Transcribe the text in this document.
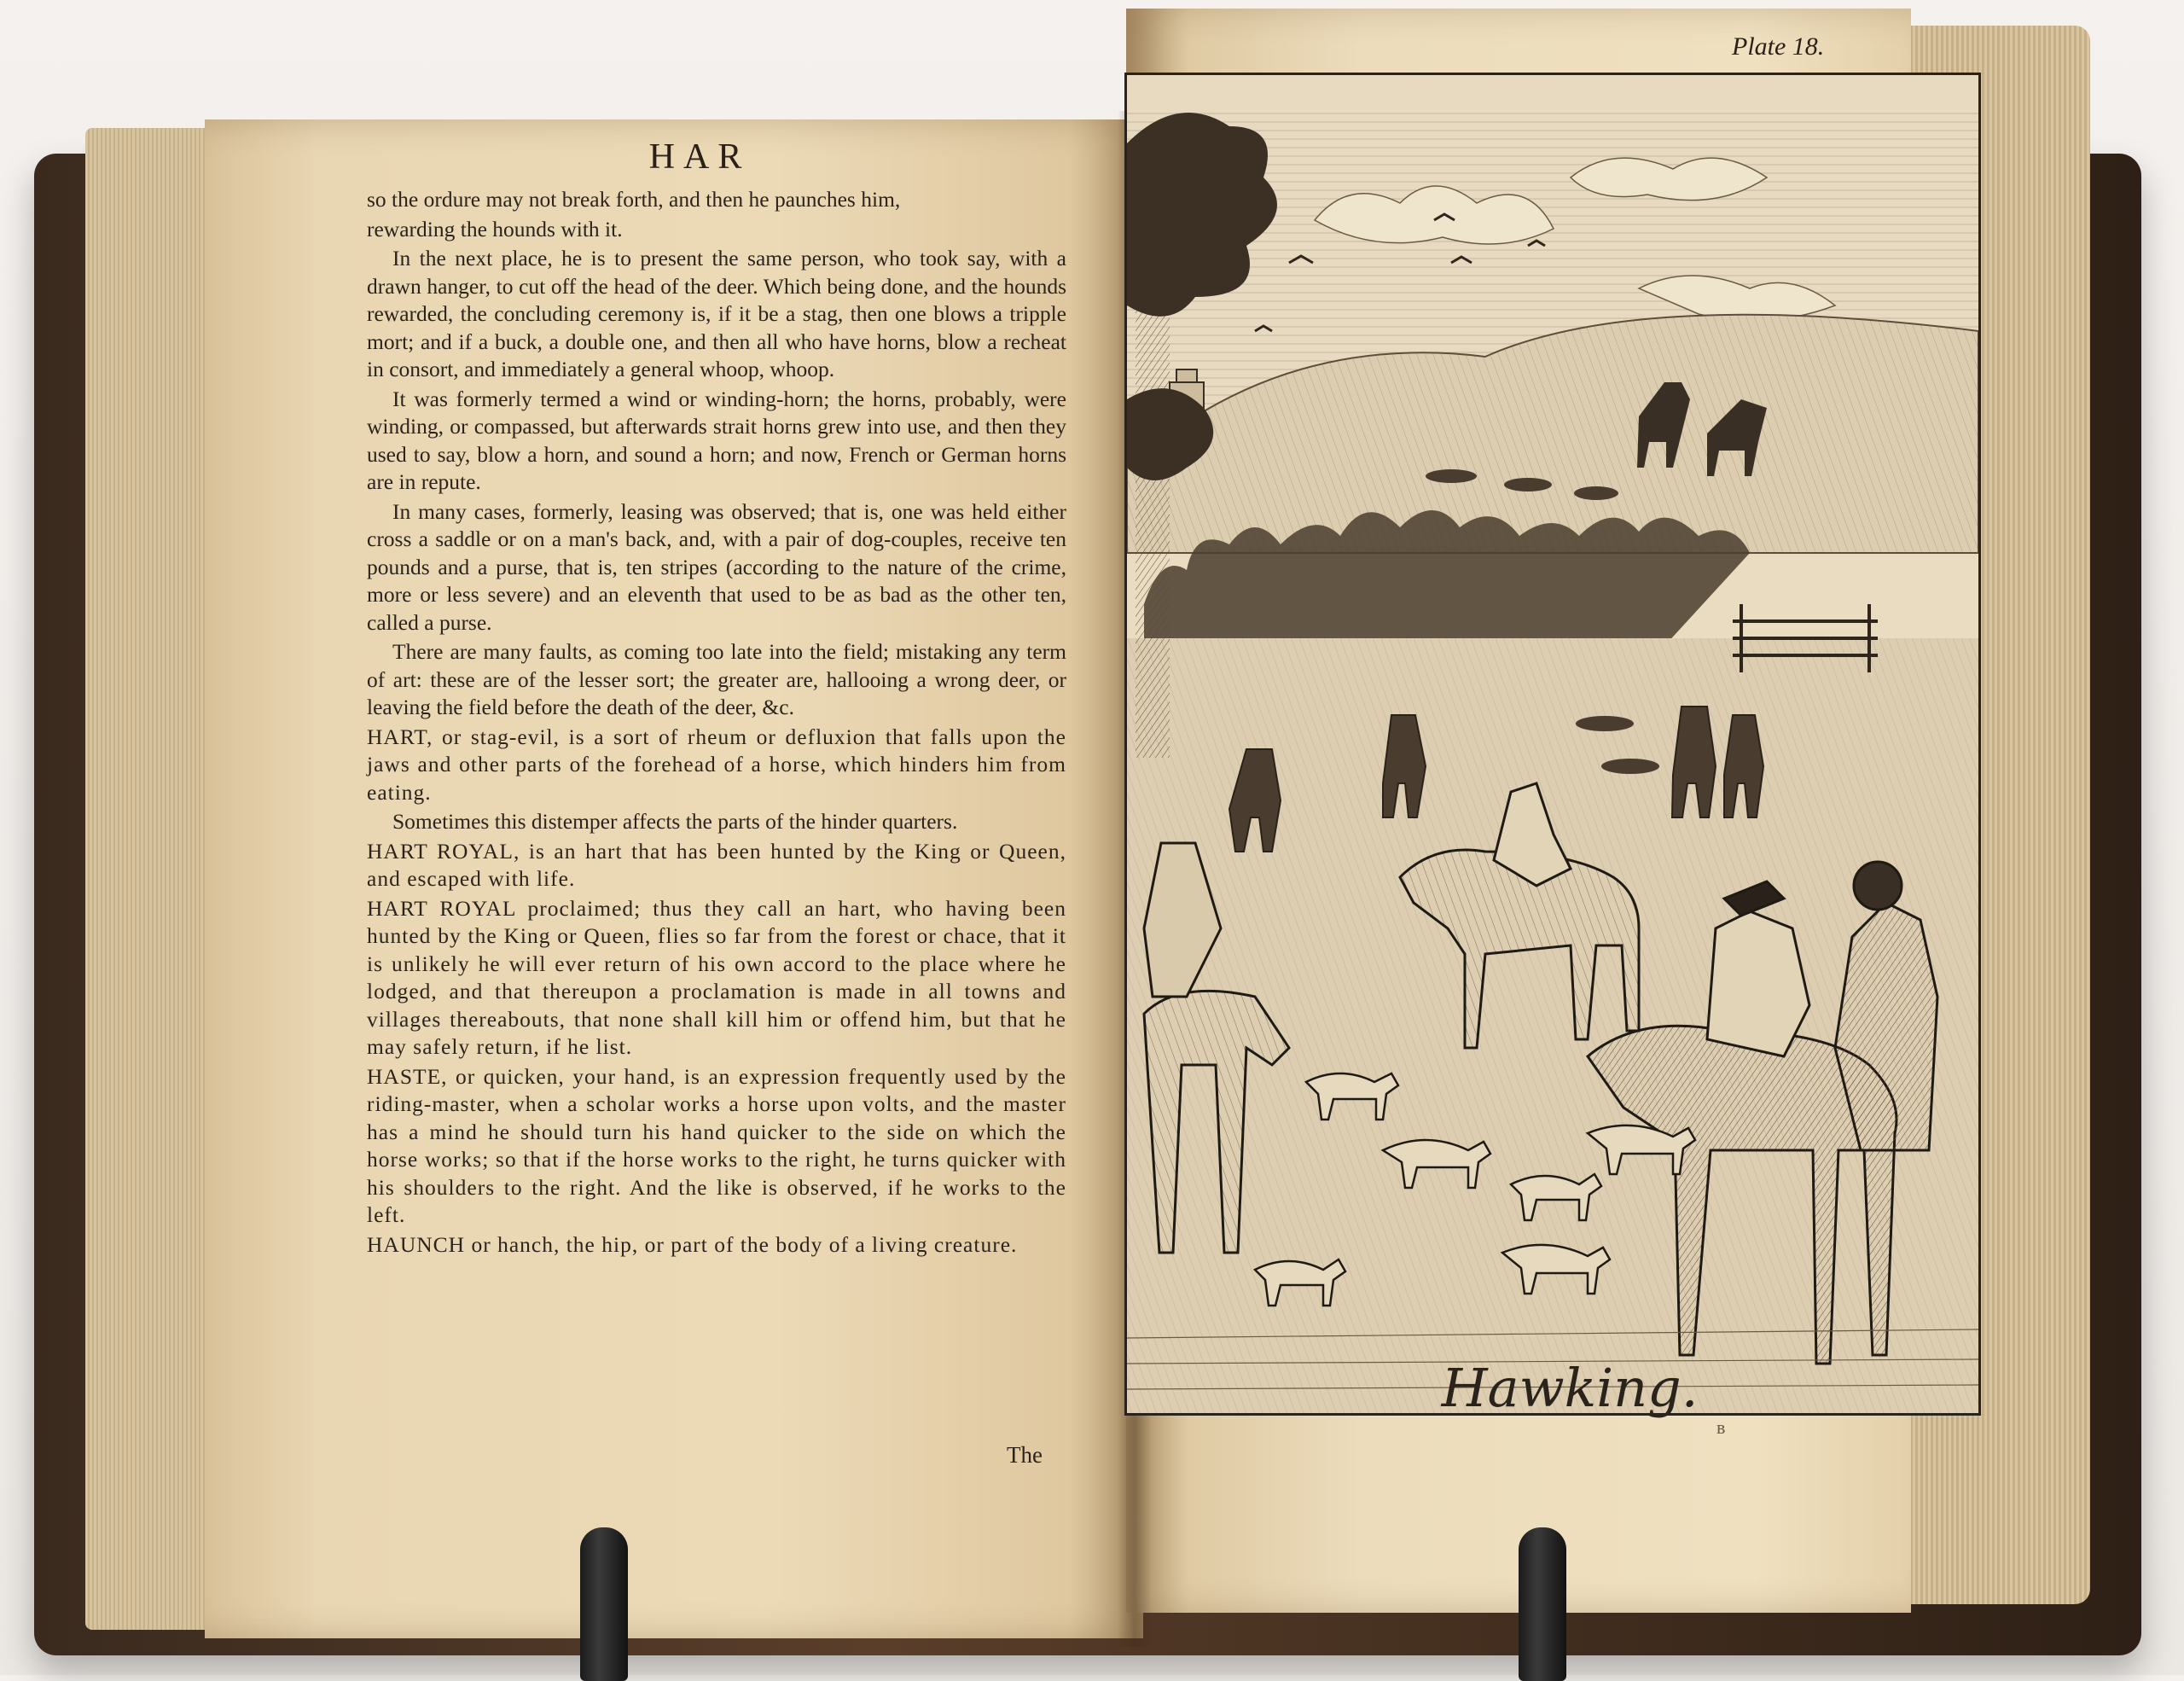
HAR

so the ordure may not break forth, and then he paunches him,

rewarding the hounds with it.

In the next place, he is to present the same person, who took say, with a drawn hanger, to cut off the head of the deer. Which being done, and the hounds rewarded, the concluding ceremony is, if it be a stag, then one blows a tripple mort; and if a buck, a double one, and then all who have horns, blow a recheat in consort, and immediately a general whoop, whoop.

It was formerly termed a wind or winding-horn; the horns, probably, were winding, or compassed, but afterwards strait horns grew into use, and then they used to say, blow a horn, and sound a horn; and now, French or German horns are in repute.

In many cases, formerly, leasing was observed; that is, one was held either cross a saddle or on a man's back, and, with a pair of dog-couples, receive ten pounds and a purse, that is, ten stripes (according to the nature of the crime, more or less severe) and an eleventh that used to be as bad as the other ten, called a purse.

There are many faults, as coming too late into the field; mistaking any term of art: these are of the lesser sort; the greater are, hallooing a wrong deer, or leaving the field before the death of the deer, &c.

HART, or stag-evil, is a sort of rheum or defluxion that falls upon the jaws and other parts of the forehead of a horse, which hinders him from eating.

Sometimes this distemper affects the parts of the hinder quarters.

HART ROYAL, is an hart that has been hunted by the King or Queen, and escaped with life.

HART ROYAL proclaimed; thus they call an hart, who having been hunted by the King or Queen, flies so far from the forest or chace, that it is unlikely he will ever return of his own accord to the place where he lodged, and that thereupon a proclamation is made in all towns and villages thereabouts, that none shall kill him or offend him, but that he may safely return, if he list.

HASTE, or quicken, your hand, is an expression frequently used by the riding-master, when a scholar works a horse upon volts, and the master has a mind he should turn his hand quicker to the side on which the horse works; so that if the horse works to the right, he turns quicker with his shoulders to the right. And the like is observed, if he works to the left.

HAUNCH or hanch, the hip, or part of the body of a living creature.

The
Plate 18.
Hawking.
ʙ
